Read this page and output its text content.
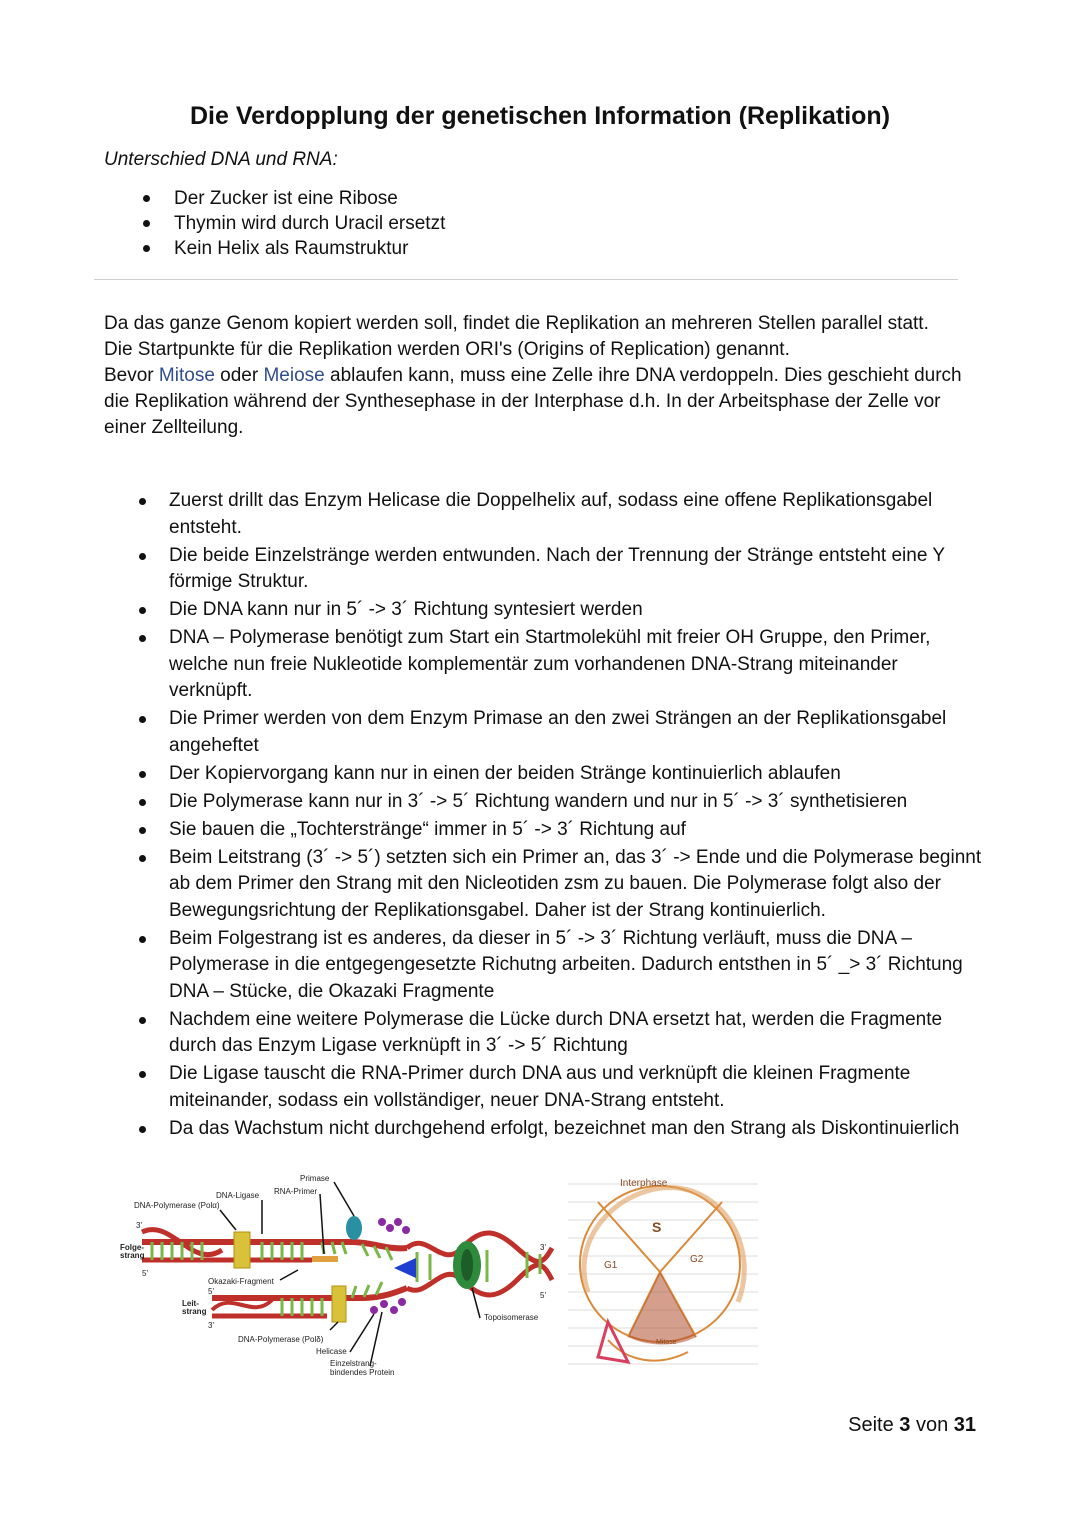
Die Verdopplung der genetischen Information (Replikation)

Unterschied DNA und RNA:

Der Zucker ist eine Ribose
Thymin wird durch Uracil ersetzt
Kein Helix als Raumstruktur
Da das ganze Genom kopiert werden soll, findet die Replikation an mehreren Stellen parallel statt.
Die Startpunkte für die Replikation werden ORI's (Origins of Replication) genannt.
Bevor Mitose oder Meiose ablaufen kann, muss eine Zelle ihre DNA verdoppeln. Dies geschieht durch die Replikation während der Synthesephase in der Interphase d.h. In der Arbeitsphase der Zelle vor einer Zellteilung.
Zuerst drillt das Enzym Helicase die Doppelhelix auf, sodass eine offene Replikationsgabel entsteht.
Die beide Einzelstränge werden entwunden. Nach der Trennung der Stränge entsteht eine Y förmige Struktur.
Die DNA kann nur in 5´ -> 3´ Richtung syntesiert werden
DNA – Polymerase benötigt zum Start ein Startmolekühl mit freier OH Gruppe, den Primer, welche nun freie Nukleotide komplementär zum vorhandenen DNA-Strang miteinander verknüpft.
Die Primer werden von dem Enzym Primase an den zwei Strängen an der Replikationsgabel angeheftet
Der Kopiervorgang kann nur in einen der beiden Stränge kontinuierlich ablaufen
Die Polymerase kann nur in 3´ -> 5´ Richtung wandern und nur in 5´ -> 3´ synthetisieren
Sie bauen die „Tochterstränge“ immer in 5´ -> 3´ Richtung auf
Beim Leitstrang (3´ -> 5´) setzten sich ein Primer an, das 3´ -> Ende und die Polymerase beginnt ab dem Primer den Strang mit den Nicleotiden zsm zu bauen. Die Polymerase folgt also der Bewegungsrichtung der Replikationsgabel. Daher ist der Strang kontinuierlich.
Beim Folgestrang ist es anderes, da dieser in 5´ -> 3´ Richtung verläuft, muss die DNA – Polymerase in die entgegengesetzte Richutng arbeiten. Dadurch entsthen in 5´ _> 3´ Richtung DNA – Stücke, die Okazaki Fragmente
Nachdem eine weitere Polymerase die Lücke durch DNA ersetzt hat, werden die Fragmente durch das Enzym Ligase verknüpft in 3´ -> 5´ Richtung
Die Ligase tauscht die RNA-Primer durch DNA aus und verknüpft die kleinen Fragmente miteinander, sodass ein vollständiger, neuer DNA-Strang entsteht.
Da das Wachstum nicht durchgehend erfolgt, bezeichnet man den Strang als Diskontinuierlich
Primase
RNA-Primer
DNA-Ligase
DNA-Polymerase (Polα)
Folge-
strang
Leit-
strang
Okazaki-Fragment
DNA-Polymerase (Polδ)
Helicase
Einzelstrang-
bindendes Protein
Topoisomerase
3'
5'
5'
3'
3'
5'
Interphase
S
G1
G2
Mitose

Seite 3 von 31
